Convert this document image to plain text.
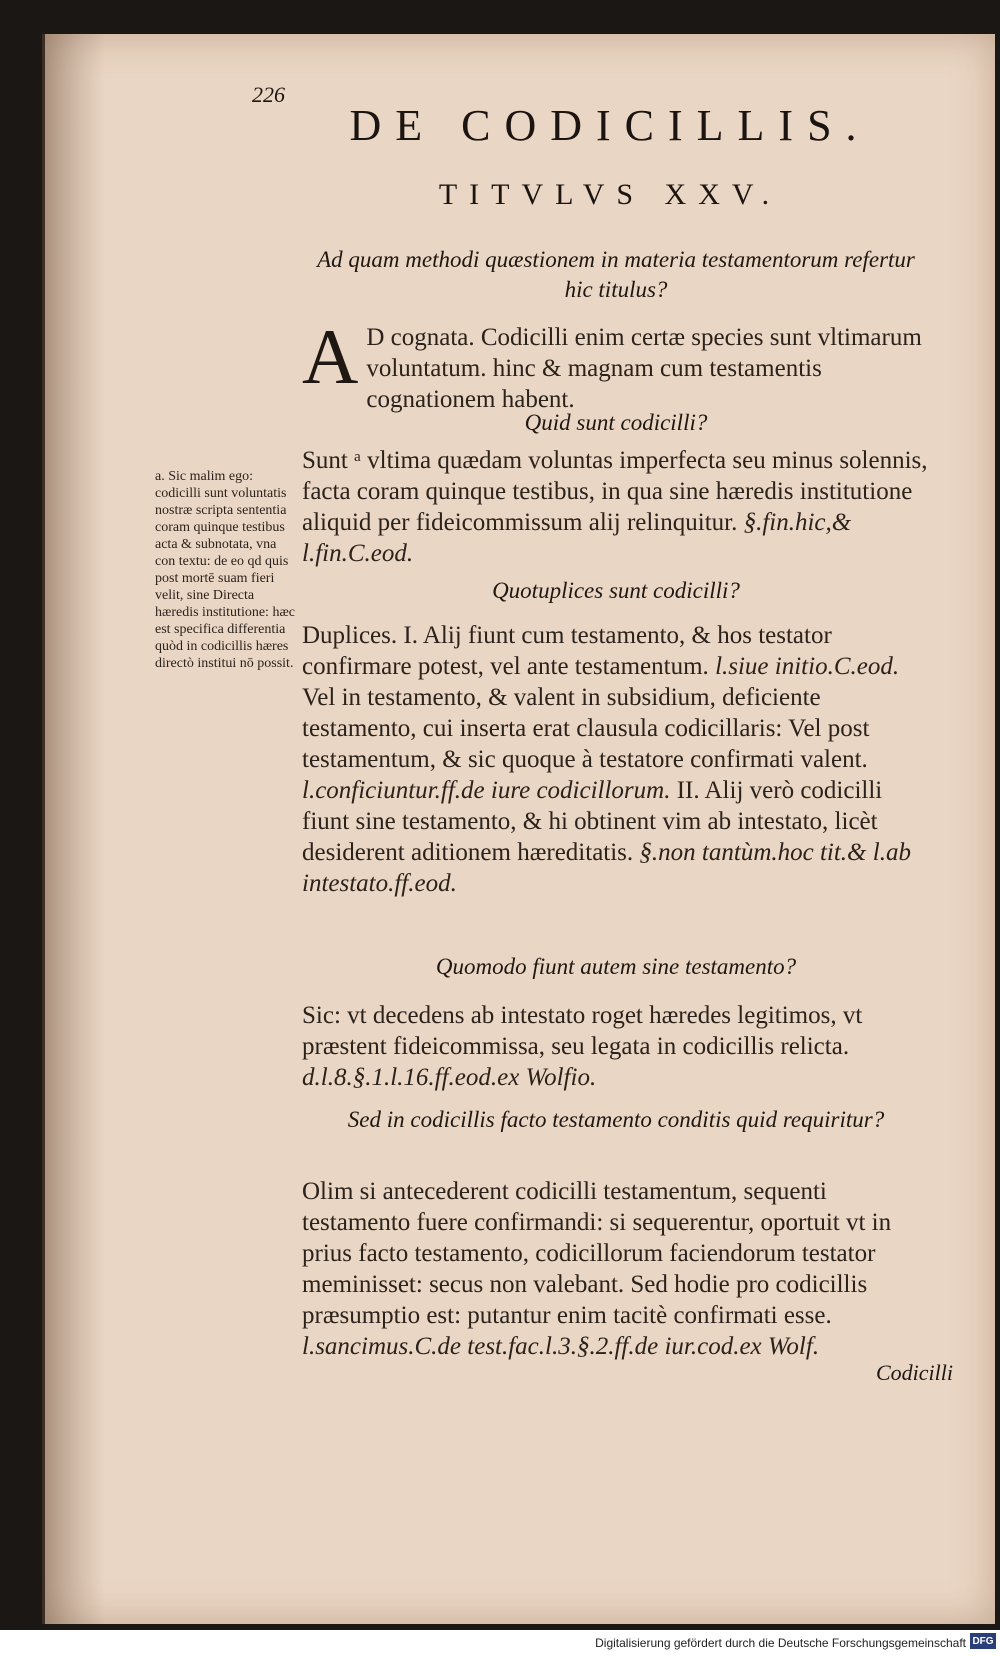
226
DE CODICILLIS.
TITVLVS XXV.
Ad quam methodi quæstionem in materia testamentorum refertur hic titulus?
A D cognata. Codicilli enim certæ species sunt vltimarum voluntatum. hinc & magnam cum testamentis cognationem habent.
Quid sunt codicilli?
Sunt ᵃ vltima quædam voluntas imperfecta seu minus solennis, facta coram quinque testibus, in qua sine hæredis institutione aliquid per fideicommissum alij relinquitur. §.fin.hic,& l.fin.C.eod.
a. Sic malim ego: codicilli sunt voluntatis nostræ scripta sententia coram quinque testibus acta & subnotata, vna con textu: de eo qd quis post mortē suam fieri velit, sine Directa hæredis institutione: hæc est specifica differentia quòd in codicillis hæres directò institui nō possit.
Quotuplices sunt codicilli?
Duplices. I. Alij fiunt cum testamento, & hos testator confirmare potest, vel ante testamentum. l.siue initio.C.eod. Vel in testamento, & valent in subsidium, deficiente testamento, cui inserta erat clausula codicillaris: Vel post testamentum, & sic quoque à testatore confirmati valent. l.conficiuntur.ff.de iure codicillorum. II. Alij verò codicilli fiunt sine testamento, & hi obtinent vim ab intestato, licèt desiderent aditionem hæreditatis. §.non tantùm.hoc tit.& l.ab intestato.ff.eod.
Quomodo fiunt autem sine testamento?
Sic: vt decedens ab intestato roget hæredes legitimos, vt præstent fideicommissa, seu legata in codicillis relicta. d.l.8.§.1.l.16.ff.eod.ex Wolfio.
Sed in codicillis facto testamento conditis quid requiritur?
Olim si antecederent codicilli testamentum, sequenti testamento fuere confirmandi: si sequerentur, oportuit vt in prius facto testamento, codicillorum faciendorum testator meminisset: secus non valebant. Sed hodie pro codicillis præsumptio est: putantur enim tacitè confirmati esse. l.sancimus.C.de test.fac.l.3.§.2.ff.de iur.cod.ex Wolf.
Codicilli
Digitalisierung gefördert durch die Deutsche Forschungsgemeinschaft DFG
